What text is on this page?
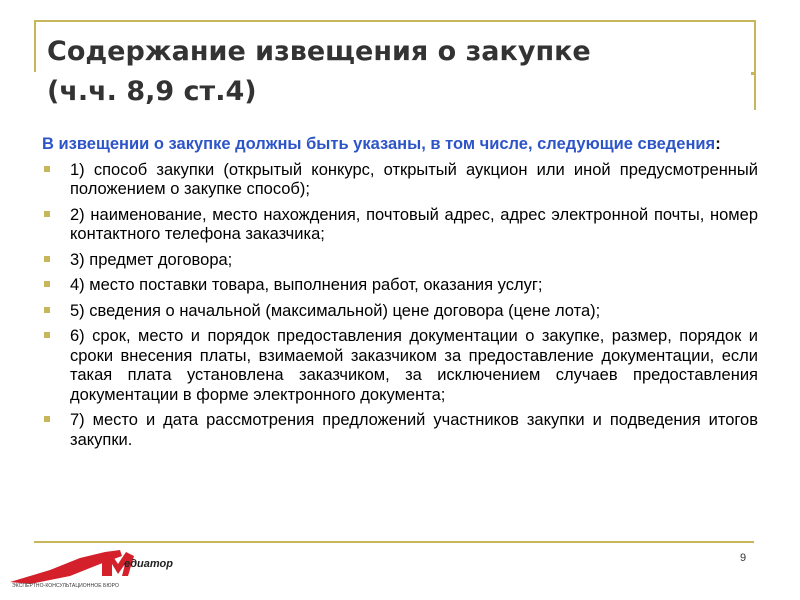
Содержание извещения о закупке
(ч.ч. 8,9 ст.4)

В извещении о закупке должны быть указаны, в том числе, следующие сведения:

1) способ закупки (открытый конкурс, открытый аукцион или иной предусмотренный положением о закупке способ);
2) наименование, место нахождения, почтовый адрес, адрес электронной почты, номер контактного телефона заказчика;
3) предмет договора;
4) место поставки товара, выполнения работ, оказания услуг;
5) сведения о начальной (максимальной) цене договора (цене лота);
6) срок, место и порядок предоставления документации о закупке, размер, порядок и сроки внесения платы, взимаемой заказчиком за предоставление документации, если такая плата установлена заказчиком, за исключением случаев предоставления документации в форме электронного документа;
7) место и дата рассмотрения предложений участников закупки и подведения итогов закупки.
9
едиатор
ЭКСПЕРТНО-КОНСУЛЬТАЦИОННОЕ БЮРО
